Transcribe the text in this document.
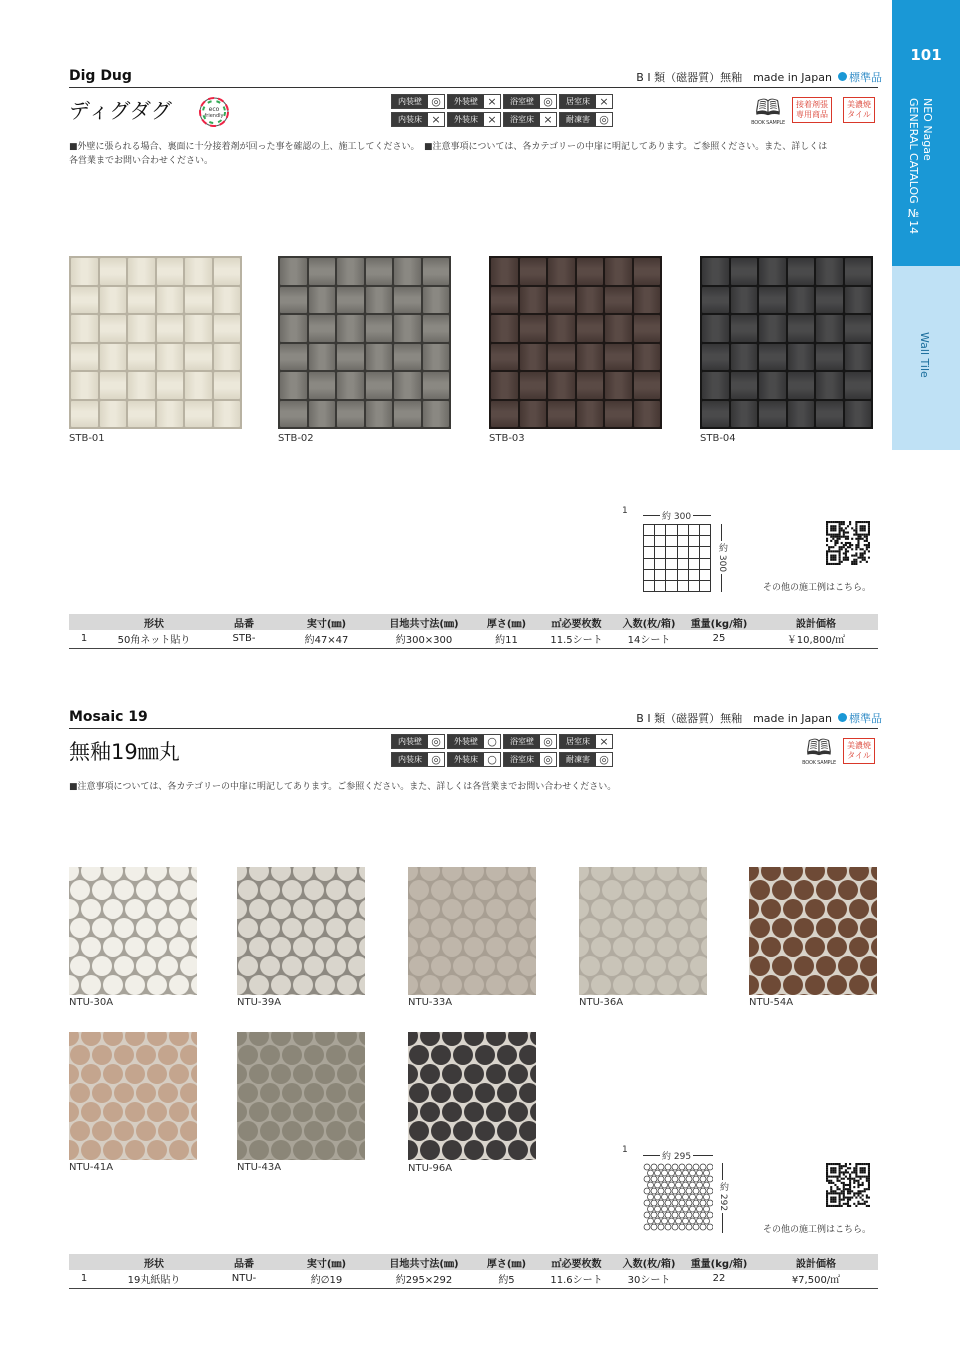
101
NEO Nagae
GENERAL CATALOG №14
Wall Tile
Dig Dug	B I 類（磁器質）無釉　made in Japan 標準品
ディグダグ	eco
friendly
内装壁 ◎	外装壁 ×	浴室壁 ◎	居室床 ×
内装床 ×	外装床 ×	浴室床 ×	耐凍害 ◎	🕮
BOOK SAMPLE
接着剤張
専用商品
美濃焼
タイル
■外壁に張られる場合、裏面に十分接着剤が回った事を確認の上、施工してください。　■注意事項については、各カテゴリーの中扉に明記してあります。ご参照ください。また、詳しくは
各営業までお問い合わせください。
STB-01	STB-02	STB-03	STB-04
1
約 300
約 300
その他の施工例はこちら。
	形状	品番	実寸(㎜)	目地共寸法(㎜)	厚さ(㎜)	㎡必要枚数	入数(枚/箱)	重量(kg/箱)	設計価格
1	50角ネット貼り	STB-	約47×47	約300×300	約11	11.5シート	14シート	25	￥10,800/㎡
Mosaic 19	B I 類（磁器質）無釉　made in Japan 標準品
無釉19㎜丸	内装壁 ◎	外装壁 ○	浴室壁 ◎	居室床 ×
内装床 ◎	外装床 ○	浴室床 ◎	耐凍害 ◎	🕮
BOOK SAMPLE
美濃焼
タイル
■注意事項については、各カテゴリーの中扉に明記してあります。ご参照ください。また、詳しくは各営業までお問い合わせください。
NTU-30A	NTU-39A	NTU-33A	NTU-36A	NTU-54A
NTU-41A	NTU-43A	NTU-96A
1
約 295
約 292
その他の施工例はこちら。
	形状	品番	実寸(㎜)	目地共寸法(㎜)	厚さ(㎜)	㎡必要枚数	入数(枚/箱)	重量(kg/箱)	設計価格
1	19丸紙貼り	NTU-	約∅19	約295×292	約5	11.6シート	30シート	22	¥7,500/㎡
